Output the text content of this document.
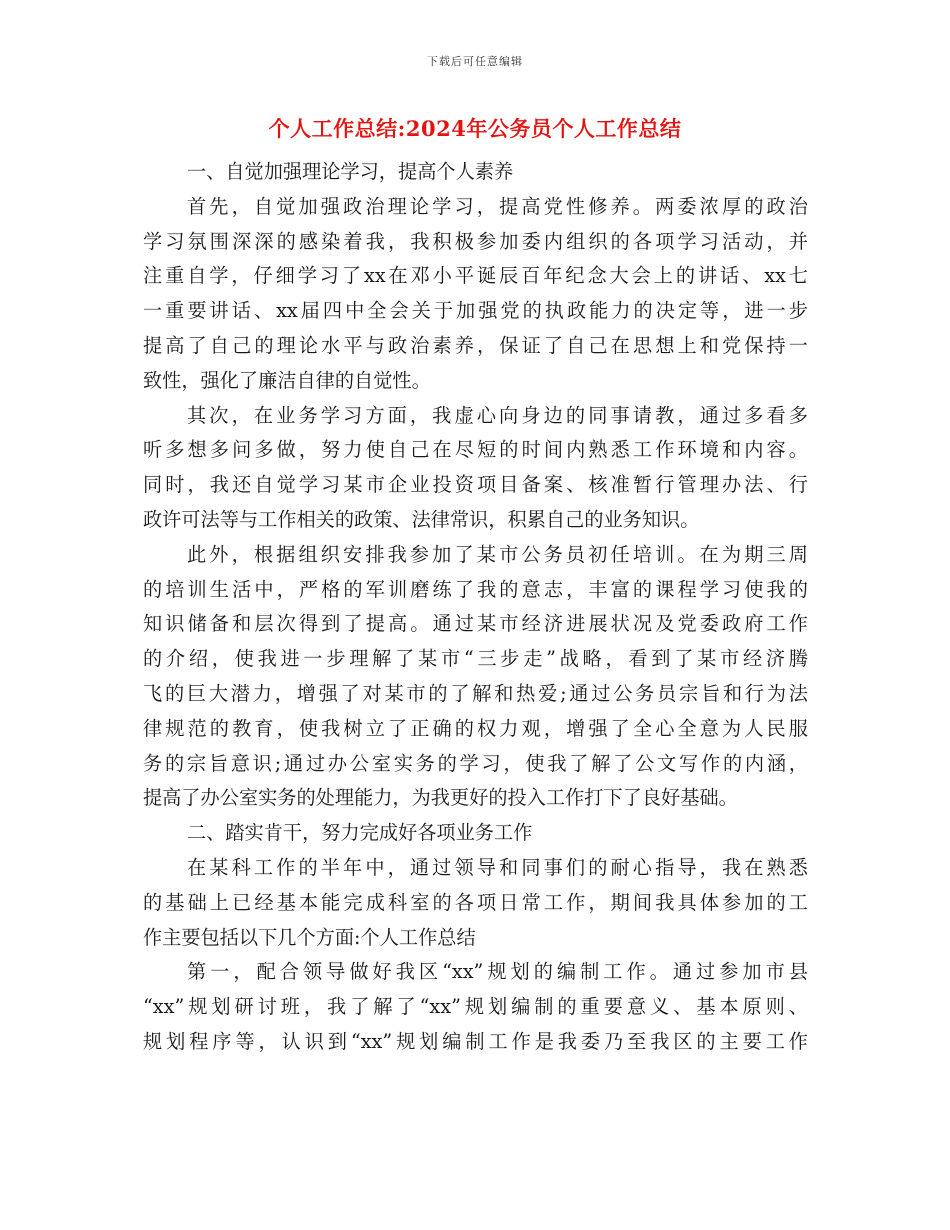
下载后可任意编辑
个人工作总结:2024年公务员个人工作总结
一、自觉加强理论学习，提高个人素养
首先，自觉加强政治理论学习，提高党性修养。两委浓厚的政治
学习氛围深深的感染着我，我积极参加委内组织的各项学习活动，并
注重自学，仔细学习了xx在邓小平诞辰百年纪念大会上的讲话、xx七
一重要讲话、xx届四中全会关于加强党的执政能力的决定等，进一步
提高了自己的理论水平与政治素养，保证了自己在思想上和党保持一
致性，强化了廉洁自律的自觉性。
其次，在业务学习方面，我虚心向身边的同事请教，通过多看多
听多想多问多做，努力使自己在尽短的时间内熟悉工作环境和内容。
同时，我还自觉学习某市企业投资项目备案、核准暂行管理办法、行
政许可法等与工作相关的政策、法律常识，积累自己的业务知识。
此外，根据组织安排我参加了某市公务员初任培训。在为期三周
的培训生活中，严格的军训磨练了我的意志，丰富的课程学习使我的
知识储备和层次得到了提高。通过某市经济进展状况及党委政府工作
的介绍，使我进一步理解了某市“三步走”战略，看到了某市经济腾
飞的巨大潜力，增强了对某市的了解和热爱;通过公务员宗旨和行为法
律规范的教育，使我树立了正确的权力观，增强了全心全意为人民服
务的宗旨意识;通过办公室实务的学习，使我了解了公文写作的内涵，
提高了办公室实务的处理能力，为我更好的投入工作打下了良好基础。
二、踏实肯干，努力完成好各项业务工作
在某科工作的半年中，通过领导和同事们的耐心指导，我在熟悉
的基础上已经基本能完成科室的各项日常工作，期间我具体参加的工
作主要包括以下几个方面:个人工作总结
第一，配合领导做好我区“xx”规划的编制工作。通过参加市县
“xx”规划研讨班，我了解了“xx”规划编制的重要意义、基本原则、
规划程序等，认识到“xx”规划编制工作是我委乃至我区的主要工作
